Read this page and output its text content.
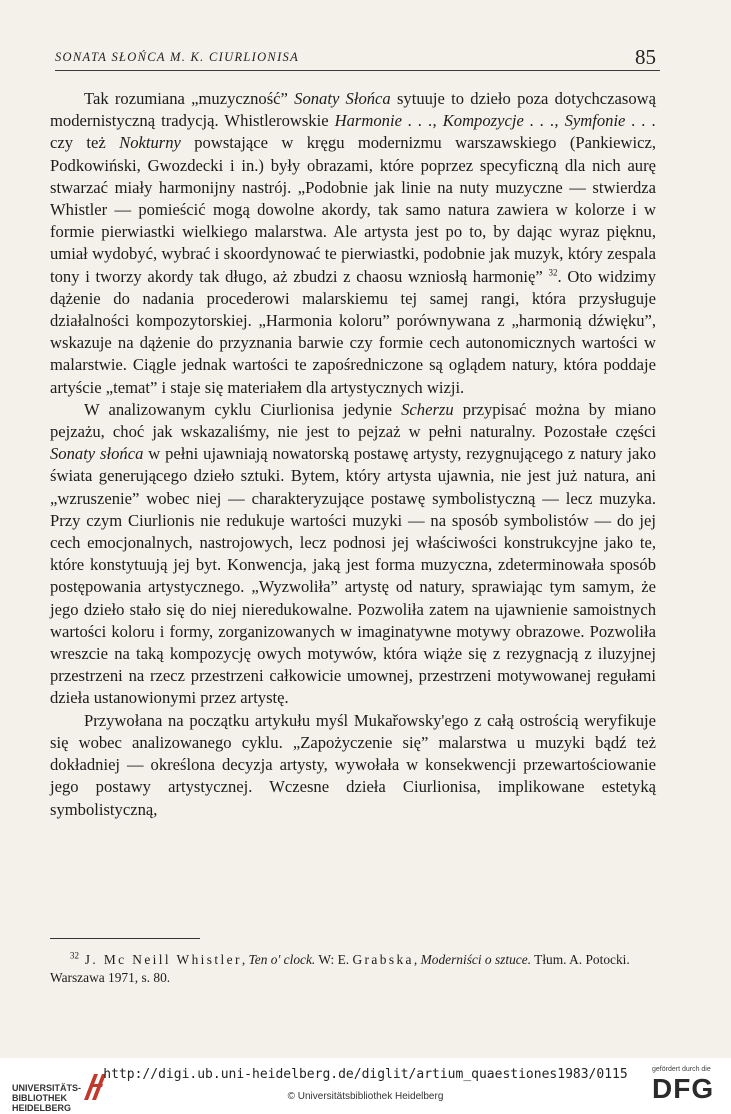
SONATA SŁOŃCA M. K. CIURLIONISA	85

Tak rozumiana „muzyczność” Sonaty Słońca sytuuje to dzieło poza dotychczasową modernistyczną tradycją. Whistlerowskie Harmonie . . ., Kompozycje . . ., Symfonie . . . czy też Nokturny powstające w kręgu modernizmu warszawskiego (Pankiewicz, Podkowiński, Gwozdecki i in.) były obrazami, które poprzez specyficzną dla nich aurę stwarzać miały harmonijny nastrój. „Podobnie jak linie na nuty muzyczne — stwierdza Whistler — pomieścić mogą dowolne akordy, tak samo natura zawiera w kolorze i w formie pierwiastki wielkiego malarstwa. Ale artysta jest po to, by dając wyraz pięknu, umiał wydobyć, wybrać i skoordynować te pierwiastki, podobnie jak muzyk, który zespala tony i tworzy akordy tak długo, aż zbudzi z chaosu wzniosłą harmonię” $^{32}$. Oto widzimy dążenie do nadania procederowi malarskiemu tej samej rangi, która przysługuje działalności kompozytorskiej. „Harmonia koloru” porównywana z „harmonią dźwięku”, wskazuje na dążenie do przyznania barwie czy formie cech autonomicznych wartości w malarstwie. Ciągle jednak wartości te zapośredniczone są oglądem natury, która poddaje artyście „temat” i staje się materiałem dla artystycznych wizji.

W analizowanym cyklu Ciurlionisa jedynie Scherzu przypisać można by miano pejzażu, choć jak wskazaliśmy, nie jest to pejzaż w pełni naturalny. Pozostałe części Sonaty słońca w pełni ujawniają nowatorską postawę artysty, rezygnującego z natury jako świata generującego dzieło sztuki. Bytem, który artysta ujawnia, nie jest już natura, ani „wzruszenie” wobec niej — charakteryzujące postawę symbolistyczną — lecz muzyka. Przy czym Ciurlionis nie redukuje wartości muzyki — na sposób symbolistów — do jej cech emocjonalnych, nastrojowych, lecz podnosi jej właściwości konstrukcyjne jako te, które konstytuują jej byt. Konwencja, jaką jest forma muzyczna, zdeterminowała sposób postępowania artystycznego. „Wyzwoliła” artystę od natury, sprawiając tym samym, że jego dzieło stało się do niej nieredukowalne. Pozwoliła zatem na ujawnienie samoistnych wartości koloru i formy, zorganizowanych w imaginatywne motywy obrazowe. Pozwoliła wreszcie na taką kompozycję owych motywów, która wiąże się z rezygnacją z iluzyjnej przestrzeni na rzecz przestrzeni całkowicie umownej, przestrzeni motywowanej regułami dzieła ustanowionymi przez artystę.

Przywołana na początku artykułu myśl Mukařowsky'ego z całą ostrością weryfikuje się wobec analizowanego cyklu. „Zapożyczenie się” malarstwa u muzyki bądź też dokładniej — określona decyzja artysty, wywołała w konsekwencji przewartościowanie jego postawy artystycznej. Wczesne dzieła Ciurlionisa, implikowane estetyką symbolistyczną,

$^{32}$ J. Mc Neill Whistler, Ten o' clock. W: E. Grabska, Moderniści o sztuce. Tłum. A. Potocki. Warszawa 1971, s. 80.
UNIVERSITÄTS-
BIBLIOTHEK
HEIDELBERG
http://digi.ub.uni-heidelberg.de/diglit/artium_quaestiones1983/0115
© Universitätsbibliothek Heidelberg
gefördert durch die
DFG
